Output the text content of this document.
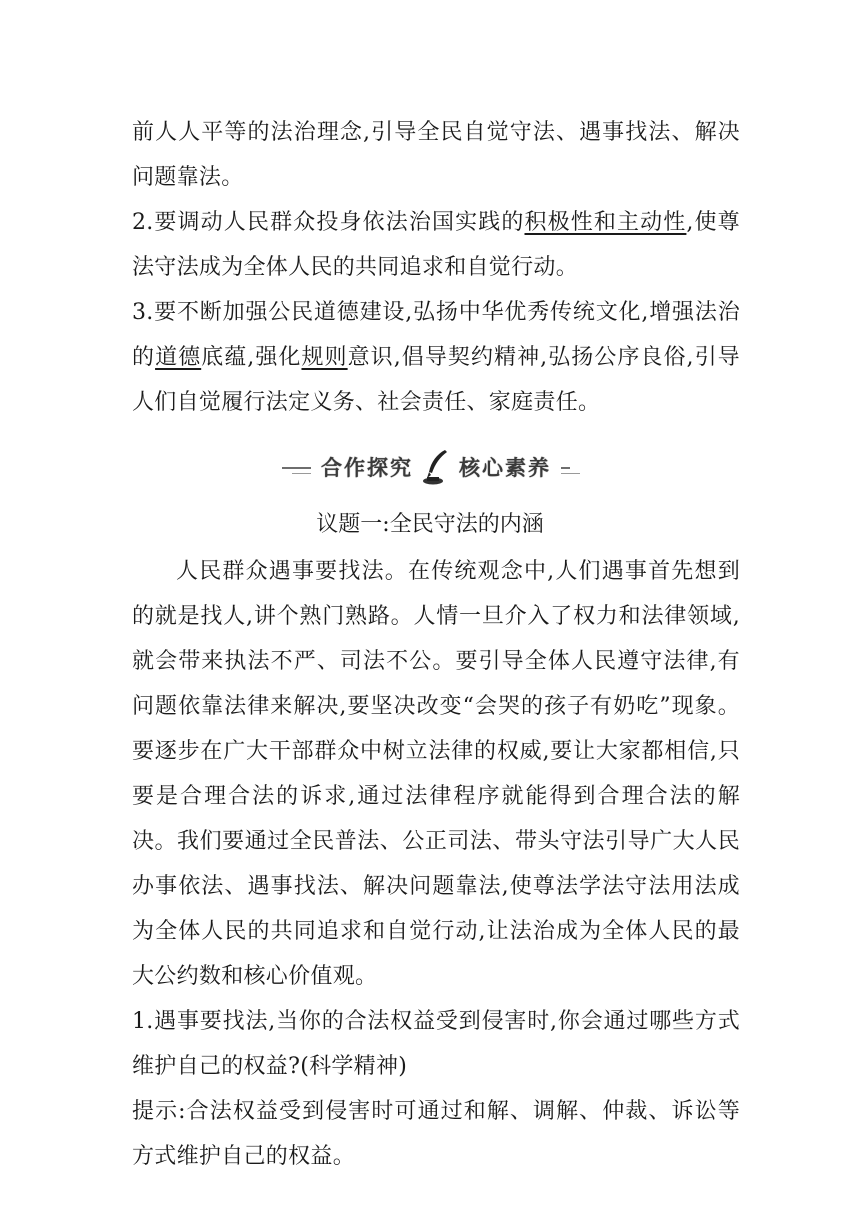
前人人平等的法治理念,引导全民自觉守法、遇事找法、解决问题靠法。

2.要调动人民群众投身依法治国实践的积极性和主动性,使尊法守法成为全体人民的共同追求和自觉行动。

3.要不断加强公民道德建设,弘扬中华优秀传统文化,增强法治的道德底蕴,强化规则意识,倡导契约精神,弘扬公序良俗,引导人们自觉履行法定义务、社会责任、家庭责任。

合作探究 核心素养

议题一:全民守法的内涵

人民群众遇事要找法。在传统观念中,人们遇事首先想到的就是找人,讲个熟门熟路。人情一旦介入了权力和法律领域,就会带来执法不严、司法不公。要引导全体人民遵守法律,有问题依靠法律来解决,要坚决改变“会哭的孩子有奶吃”现象。要逐步在广大干部群众中树立法律的权威,要让大家都相信,只要是合理合法的诉求,通过法律程序就能得到合理合法的解决。我们要通过全民普法、公正司法、带头守法引导广大人民办事依法、遇事找法、解决问题靠法,使尊法学法守法用法成为全体人民的共同追求和自觉行动,让法治成为全体人民的最大公约数和核心价值观。

1.遇事要找法,当你的合法权益受到侵害时,你会通过哪些方式维护自己的权益?(科学精神)

提示:合法权益受到侵害时可通过和解、调解、仲裁、诉讼等方式维护自己的权益。
